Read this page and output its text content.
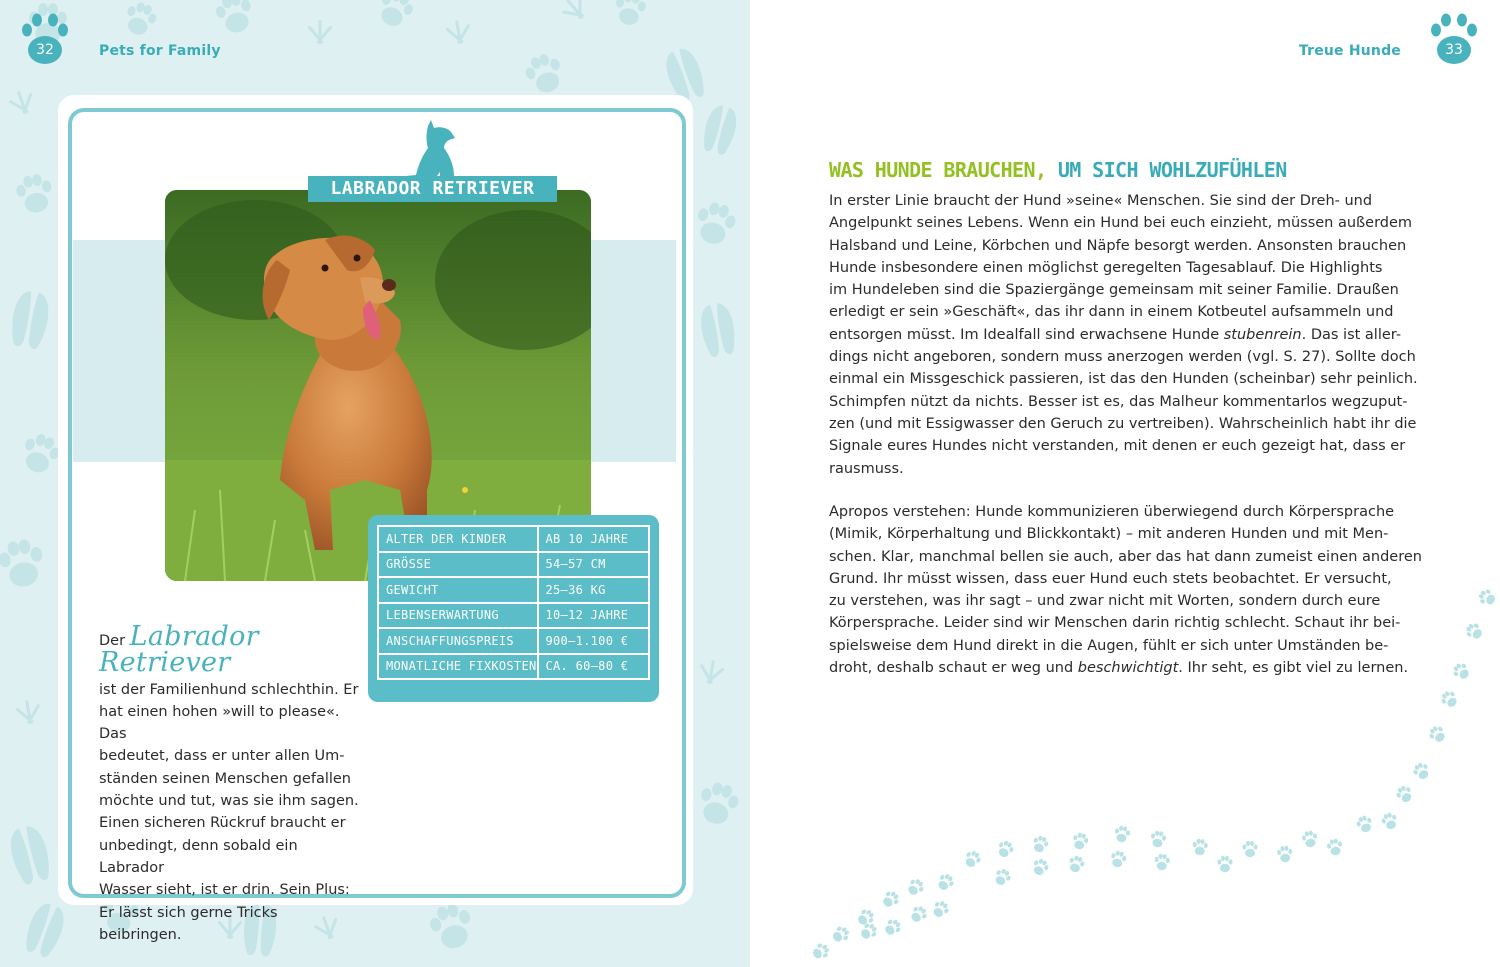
32	Pets for Family
LABRADOR RETRIEVER
ALTER DER KINDER	AB 10 JAHRE
GRÖSSE	54–57 CM
GEWICHT	25–36 KG
LEBENSERWARTUNG	10–12 JAHRE
ANSCHAFFUNGSPREIS	900–1.100 €
MONATLICHE FIXKOSTEN	CA. 60–80 €
Der Labrador Retriever
ist der Familienhund schlechthin. Er
hat einen hohen »will to please«. Das
bedeutet, dass er unter allen Um-
ständen seinen Menschen gefallen
möchte und tut, was sie ihm sagen.
Einen sicheren Rückruf braucht er
unbedingt, denn sobald ein Labrador
Wasser sieht, ist er drin. Sein Plus:
Er lässt sich gerne Tricks beibringen.
33
Treue Hunde
WAS HUNDE BRAUCHEN, UM SICH WOHLZUFÜHLEN

In erster Linie braucht der Hund »seine« Menschen. Sie sind der Dreh- und
Angelpunkt seines Lebens. Wenn ein Hund bei euch einzieht, müssen außerdem
Halsband und Leine, Körbchen und Näpfe besorgt werden. Ansonsten brauchen
Hunde insbesondere einen möglichst geregelten Tagesablauf. Die Highlights
im Hundeleben sind die Spaziergänge gemeinsam mit seiner Familie. Draußen
erledigt er sein »Geschäft«, das ihr dann in einem Kotbeutel aufsammeln und
entsorgen müsst. Im Idealfall sind erwachsene Hunde stubenrein. Das ist aller-
dings nicht angeboren, sondern muss anerzogen werden (vgl. S. 27). Sollte doch
einmal ein Missgeschick passieren, ist das den Hunden (scheinbar) sehr peinlich.
Schimpfen nützt da nichts. Besser ist es, das Malheur kommentarlos wegzuput-
zen (und mit Essigwasser den Geruch zu vertreiben). Wahrscheinlich habt ihr die
Signale eures Hundes nicht verstanden, mit denen er euch gezeigt hat, dass er
rausmuss.

Apropos verstehen: Hunde kommunizieren überwiegend durch Körpersprache
(Mimik, Körperhaltung und Blickkontakt) – mit anderen Hunden und mit Men-
schen. Klar, manchmal bellen sie auch, aber das hat dann zumeist einen anderen
Grund. Ihr müsst wissen, dass euer Hund euch stets beobachtet. Er versucht,
zu verstehen, was ihr sagt – und zwar nicht mit Worten, sondern durch eure
Körpersprache. Leider sind wir Menschen darin richtig schlecht. Schaut ihr bei-
spielsweise dem Hund direkt in die Augen, fühlt er sich unter Umständen be-
droht, deshalb schaut er weg und beschwichtigt. Ihr seht, es gibt viel zu lernen.
